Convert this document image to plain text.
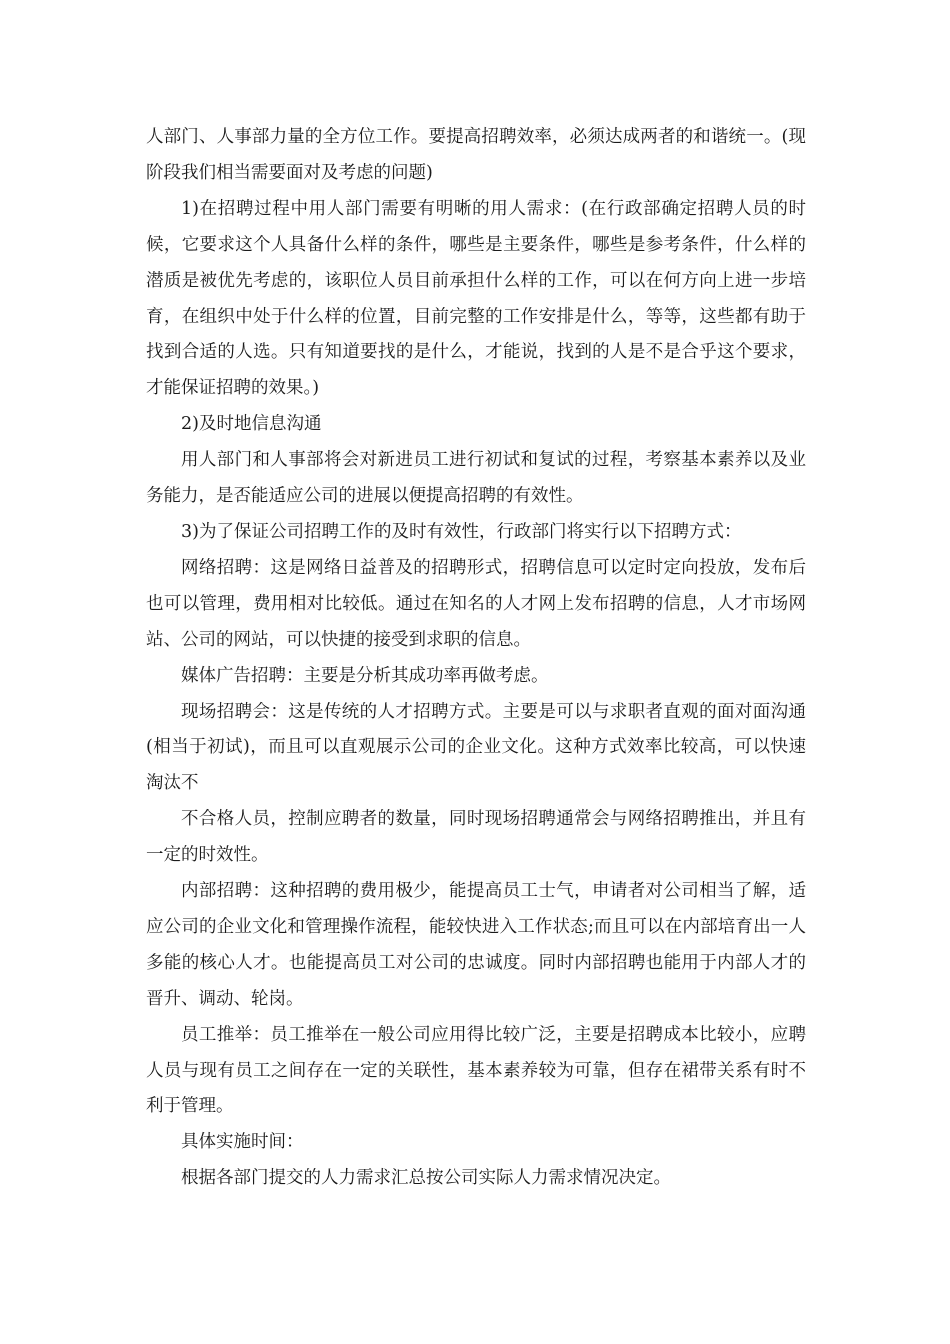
人部门、人事部力量的全方位工作。要提高招聘效率，必须达成两者的和谐统一。(现阶段我们相当需要面对及考虑的问题)

1)在招聘过程中用人部门需要有明晰的用人需求：(在行政部确定招聘人员的时候，它要求这个人具备什么样的条件，哪些是主要条件，哪些是参考条件，什么样的潜质是被优先考虑的，该职位人员目前承担什么样的工作，可以在何方向上进一步培育，在组织中处于什么样的位置，目前完整的工作安排是什么，等等，这些都有助于找到合适的人选。只有知道要找的是什么，才能说，找到的人是不是合乎这个要求，才能保证招聘的效果。)

2)及时地信息沟通

用人部门和人事部将会对新进员工进行初试和复试的过程，考察基本素养以及业务能力，是否能适应公司的进展以便提高招聘的有效性。

3)为了保证公司招聘工作的及时有效性，行政部门将实行以下招聘方式：

网络招聘：这是网络日益普及的招聘形式，招聘信息可以定时定向投放，发布后也可以管理，费用相对比较低。通过在知名的人才网上发布招聘的信息，人才市场网站、公司的网站，可以快捷的接受到求职的信息。

媒体广告招聘：主要是分析其成功率再做考虑。

现场招聘会：这是传统的人才招聘方式。主要是可以与求职者直观的面对面沟通(相当于初试)，而且可以直观展示公司的企业文化。这种方式效率比较高，可以快速淘汰不

不合格人员，控制应聘者的数量，同时现场招聘通常会与网络招聘推出，并且有一定的时效性。

内部招聘：这种招聘的费用极少，能提高员工士气，申请者对公司相当了解，适应公司的企业文化和管理操作流程，能较快进入工作状态;而且可以在内部培育出一人多能的核心人才。也能提高员工对公司的忠诚度。同时内部招聘也能用于内部人才的晋升、调动、轮岗。

员工推举：员工推举在一般公司应用得比较广泛，主要是招聘成本比较小，应聘人员与现有员工之间存在一定的关联性，基本素养较为可靠，但存在裙带关系有时不利于管理。

具体实施时间：

根据各部门提交的人力需求汇总按公司实际人力需求情况决定。
